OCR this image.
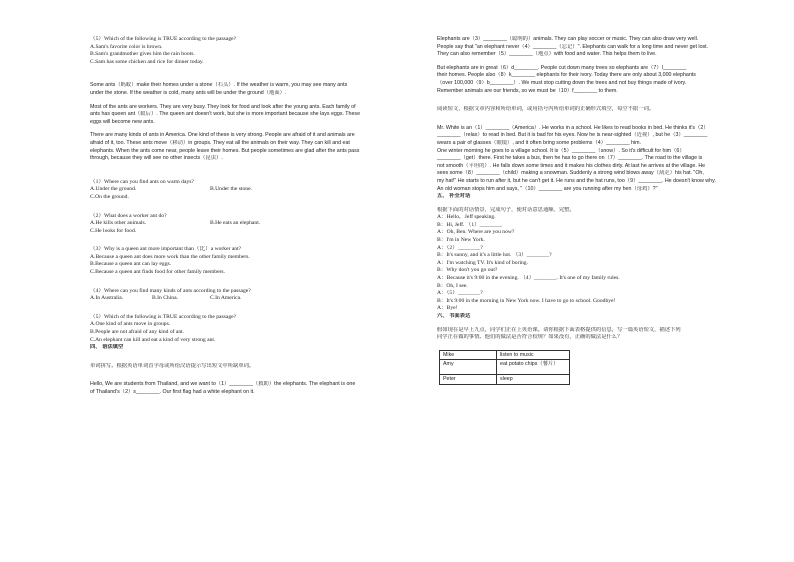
（5）Which of the following is TRUE according to the passage?
A.Sam's favorite color is brown.
B.Sam's grandmother gives him the rain boots.
C.Sam has some chicken and rice for dinner today.
Some ants（蚂蚁）make their homes under a stone（石头）. If the weather is warm, you may see many ants
under the stone. If the weather is cold, many ants will be under the ground（地面）.
Most of the ants are workers. They are very busy. They look for food and look after the young ants. Each family of
ants has queen ant（蚁后）. The queen ant doesn't work, but she is more important because she lays eggs. These
eggs will become new ants.
There are many kinds of ants in America. One kind of these is very strong. People are afraid of it and animals are
afraid of it, too. These ants move（移动）in groups. They eat all the animals on their way. They can kill and eat
elephants. When the ants come near, people leave their homes. But people sometimes are glad after the ants pass
through, because they will see no other insects（昆虫）.
（1）Where can you find ants on warm days?
A.Under the ground.	B.Under the stone.
C.On the ground.
（2）What does a worker ant do?
A.He kills other animals.	B.He eats an elephant.
C.He looks for food.
（3）Why is a queen ant more important than（比）a worker ant?
A.Because a queen ant does more work than the other family members.
B.Because a queen ant can lay eggs.
C.Because a queen ant finds food for other family members.
（4）Where can you find many kinds of ants according to the passage?
A.In Australia.	B.In China.	C.In America.
（5）Which of the following is TRUE according to the passage?
A.One kind of ants move in groups.
B.People are not afraid of any kind of ant.
C.An elephant can kill and eat a kind of very strong ant.
四、 语法填空
单词拼写。根据英语单词首字母或所给汉语提示写出短文中所缺单词。
Hello, We are students from Thailand, and we want to（1）________（救助）the elephants. The elephant is one
of Thailand's（2）s________. Our first flag had a white elephant on it.
Elephants are（3）________（聪明的）animals. They can play soccer or music. They can also draw very well.
People say that "an elephant never（4）________（忘记）". Elephants can walk for a long time and never get lost.
They can also remember（5）________（地点）with food and water. This helps them to live.
But elephants are in great（6）d________. People cut down many trees so elephants are（7）l________
their homes. People also（8）k________ elephants for their ivory. Today there are only about 3,000 elephants
（over 100,000（9）b________）. We must stop cutting down the trees and not buy things made of ivory.
Remember animals are our friends, so we must be（10）f________ to them.
阅读短文，根据文章内容和所给单词，或用括号内所给单词的正确形式填空，每空不限一词。
Mr. White is an（1）________（America）. He works in a school. He likes to read books in bed. He thinks it's（2）
________（relax）to read in bed. But it is bad for his eyes. Now he is near-sighted（近视）, but he（3）________
wears a pair of glasses（眼镜）, and it often bring some problems（4）________ him.
One winter morning he goes to a village school. It is（5）________（snow）. So it's difficult for him（6）
________（get）there. First he takes a bus, then he has to go there on（7）________. The road to the village is
not smooth（平坦的）. He falls down some times and it makes his clothes dirty. At last he arrives at the village. He
sees some（8）________（child）making a snowman. Suddenly a strong wind blows away（刮走）his hat. "Oh,
my hat!" He starts to run after it, but he can't get it. He runs and the hat runs, too（9）________. He doesn't know why.
An old woman stops him and says, "（10）________ are you running after my hen（母鸡）?"
五、 补全对话
根据下面的对话情景，完成句子，使对话意思通顺、完整。
A：Hello，Jeff speaking.
B：Hi, Jeff. （1）________
A：Oh, Ben. Where are you now?
B：I'm in New York.
A：（2）________?
B：It's sunny, and it's a little hot. （3）________?
A：I'm watching TV. It's kind of boring.
B：Why don't you go out?
A：Because it's 9:00 in the evening. （4）________. It's one of my family rules.
B：Oh, I see.
A：（5）________?
B：It's 9:00 in the morning in New York now. I have to go to school. Goodbye!
A：Bye!
六、 书面表达
假如现在是早上九点，同学们正在上英语课。请你根据下面表格提供的信息，写一篇英语短文，描述下列
同学正在做的事情。他们的做法是否符合校规？如果没有，正确的做法是什么？
Mike	listen to music
Amy	eat potato chips（薯片）
Peter	sleep
